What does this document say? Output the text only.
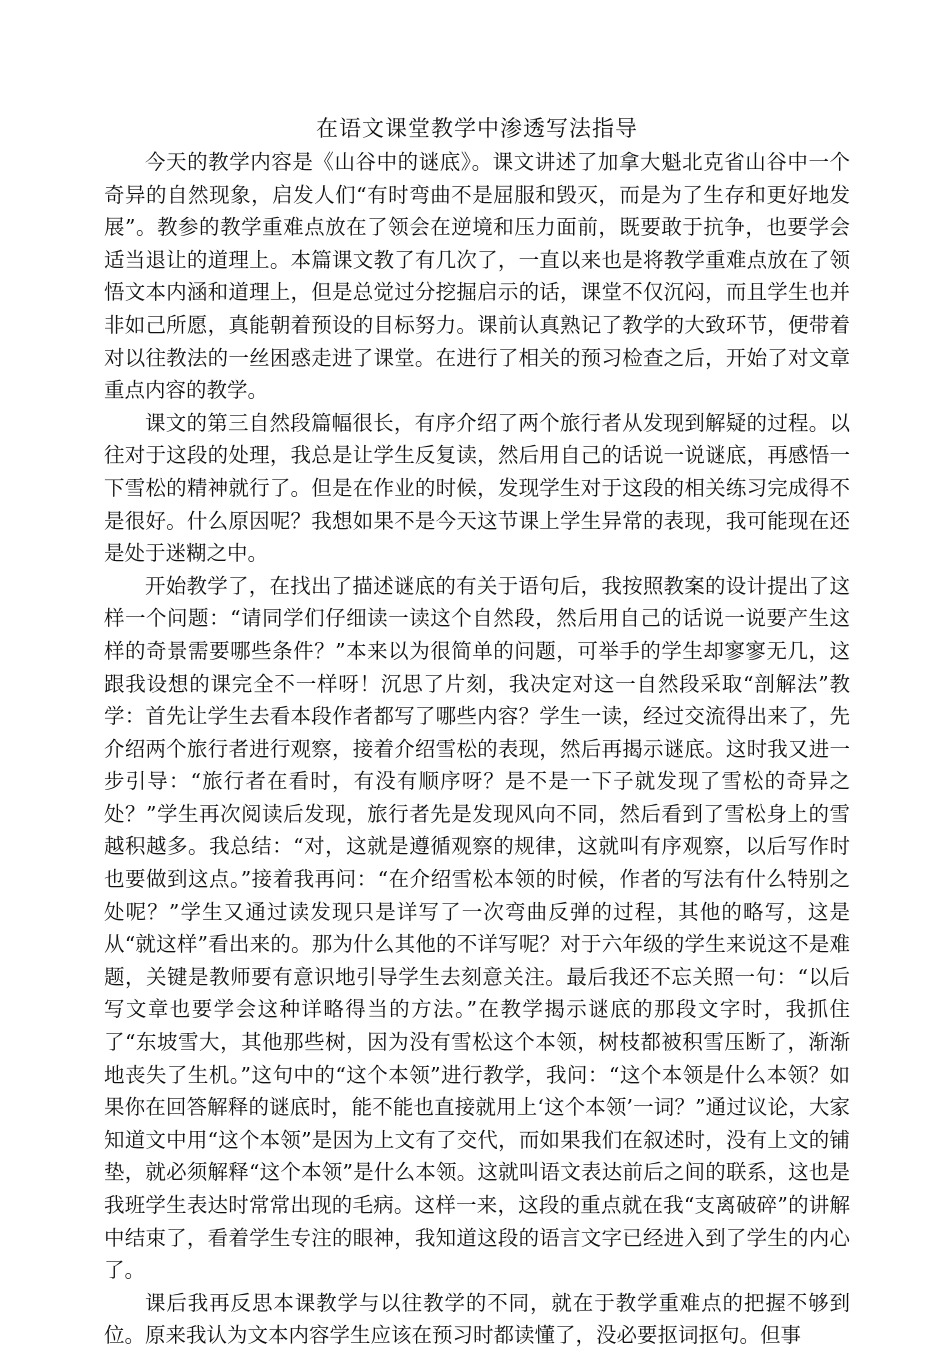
在语文课堂教学中渗透写法指导

今天的教学内容是《山谷中的谜底》。课文讲述了加拿大魁北克省山谷中一个奇异的自然现象，启发人们“有时弯曲不是屈服和毁灭，而是为了生存和更好地发展”。教参的教学重难点放在了领会在逆境和压力面前，既要敢于抗争，也要学会适当退让的道理上。本篇课文教了有几次了，一直以来也是将教学重难点放在了领悟文本内涵和道理上，但是总觉过分挖掘启示的话，课堂不仅沉闷，而且学生也并非如己所愿，真能朝着预设的目标努力。课前认真熟记了教学的大致环节，便带着对以往教法的一丝困惑走进了课堂。在进行了相关的预习检查之后，开始了对文章重点内容的教学。

课文的第三自然段篇幅很长，有序介绍了两个旅行者从发现到解疑的过程。以往对于这段的处理，我总是让学生反复读，然后用自己的话说一说谜底，再感悟一下雪松的精神就行了。但是在作业的时候，发现学生对于这段的相关练习完成得不是很好。什么原因呢？我想如果不是今天这节课上学生异常的表现，我可能现在还是处于迷糊之中。

开始教学了，在找出了描述谜底的有关于语句后，我按照教案的设计提出了这样一个问题：“请同学们仔细读一读这个自然段，然后用自己的话说一说要产生这样的奇景需要哪些条件？”本来以为很简单的问题，可举手的学生却寥寥无几，这跟我设想的课完全不一样呀！沉思了片刻，我决定对这一自然段采取“剖解法”教学：首先让学生去看本段作者都写了哪些内容？学生一读，经过交流得出来了，先介绍两个旅行者进行观察，接着介绍雪松的表现，然后再揭示谜底。这时我又进一步引导：“旅行者在看时，有没有顺序呀？是不是一下子就发现了雪松的奇异之处？”学生再次阅读后发现，旅行者先是发现风向不同，然后看到了雪松身上的雪越积越多。我总结：“对，这就是遵循观察的规律，这就叫有序观察，以后写作时也要做到这点。”接着我再问：“在介绍雪松本领的时候，作者的写法有什么特别之处呢？”学生又通过读发现只是详写了一次弯曲反弹的过程，其他的略写，这是从“就这样”看出来的。那为什么其他的不详写呢？对于六年级的学生来说这不是难题，关键是教师要有意识地引导学生去刻意关注。最后我还不忘关照一句：“以后写文章也要学会这种详略得当的方法。”在教学揭示谜底的那段文字时，我抓住了“东坡雪大，其他那些树，因为没有雪松这个本领，树枝都被积雪压断了，渐渐地丧失了生机。”这句中的“这个本领”进行教学，我问：“这个本领是什么本领？如果你在回答解释的谜底时，能不能也直接就用上‘这个本领’一词？”通过议论，大家知道文中用“这个本领”是因为上文有了交代，而如果我们在叙述时，没有上文的铺垫，就必须解释“这个本领”是什么本领。这就叫语文表达前后之间的联系，这也是我班学生表达时常常出现的毛病。这样一来，这段的重点就在我“支离破碎”的讲解中结束了，看着学生专注的眼神，我知道这段的语言文字已经进入到了学生的内心了。

课后我再反思本课教学与以往教学的不同，就在于教学重难点的把握不够到位。原来我认为文本内容学生应该在预习时都读懂了，没必要抠词抠句。但事
